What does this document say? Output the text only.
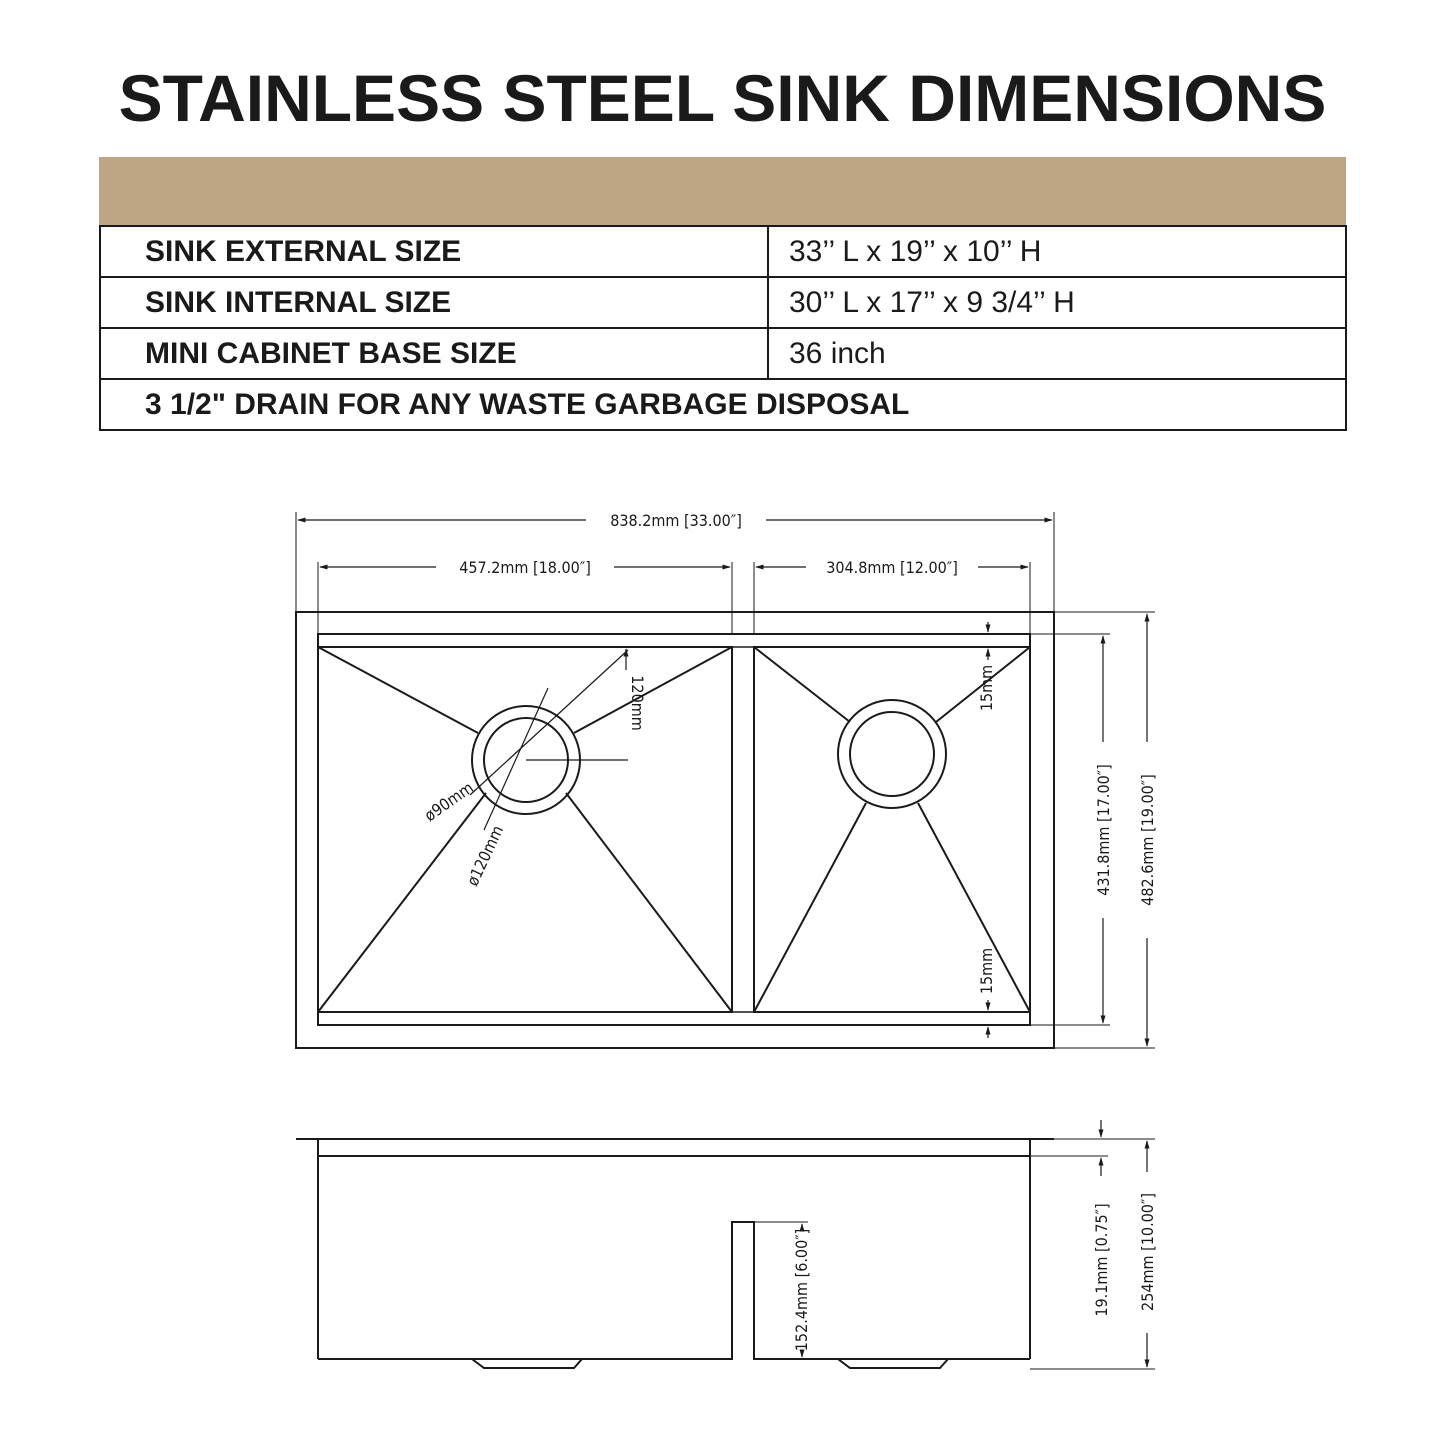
STAINLESS STEEL SINK DIMENSIONS
SINK EXTERNAL SIZE	33’’ L x 19’’ x 10’’ H
SINK INTERNAL SIZE	30’’ L x 17’’ x 9 3/4’’ H
MINI CABINET BASE SIZE	36 inch
3 1/2" DRAIN FOR ANY WASTE GARBAGE DISPOSAL	
838.2mm [33.00″]
457.2mm [18.00″]	304.8mm [12.00″]
120mm
ø90mm
ø120mm
15mm
15mm
431.8mm [17.00″] 482.6mm [19.00″]
19.1mm [0.75″] 254mm [10.00″]
152.4mm [6.00″]
